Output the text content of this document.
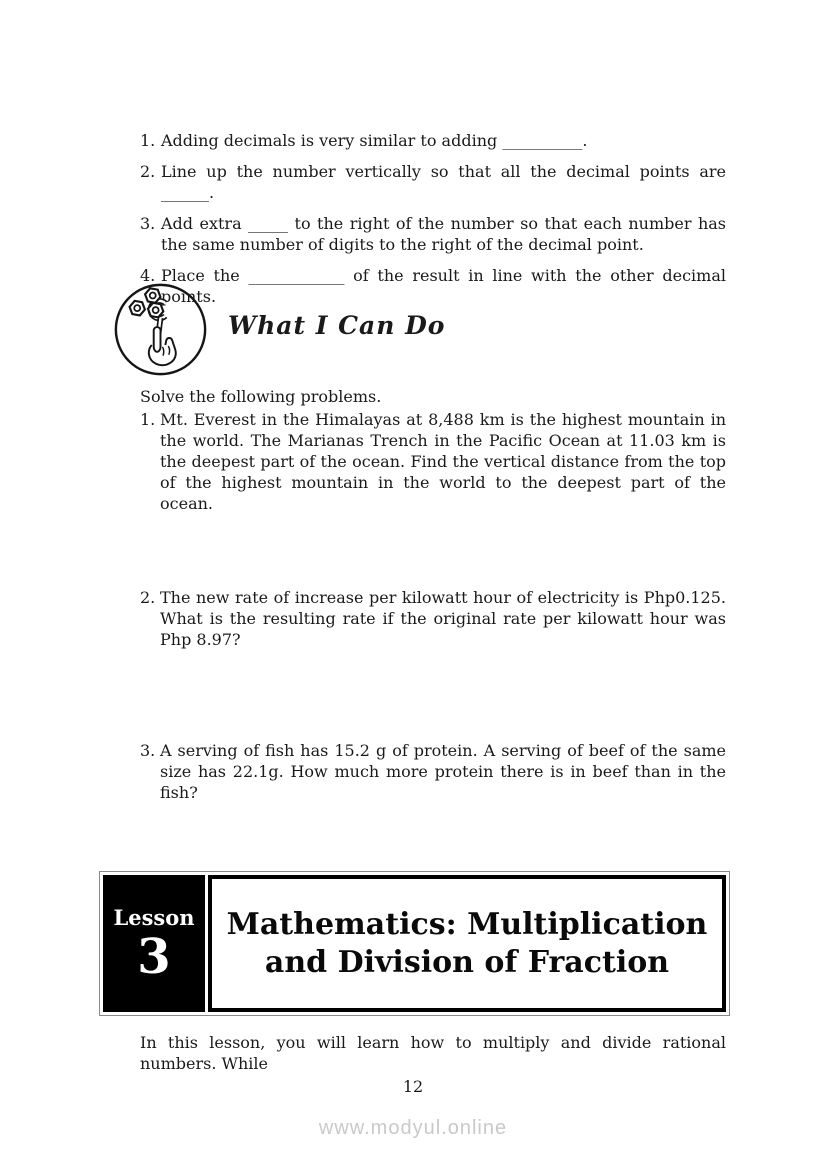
1. Adding decimals is very similar to adding __________.
2. Line up the number vertically so that all the decimal points are ______.
3. Add extra _____ to the right of the number so that each number has the same number of digits to the right of the decimal point.
4. Place the ____________ of the result in line with the other decimal points.
What I Can Do
Solve the following problems.
1. Mt. Everest in the Himalayas at 8,488 km is the highest mountain in the world. The Marianas Trench in the Pacific Ocean at 11.03 km is the deepest part of the ocean. Find the vertical distance from the top of the highest mountain in the world to the deepest part of the ocean.
2. The new rate of increase per kilowatt hour of electricity is Php0.125. What is the resulting rate if the original rate per kilowatt hour was Php 8.97?
3. A serving of fish has 15.2 g of protein. A serving of beef of the same size has 22.1g. How much more protein there is in beef than in the fish?
Lesson
3
Mathematics: Multiplication
and Division of Fraction
In this lesson, you will learn how to multiply and divide rational numbers. While
12
www.modyul.online
